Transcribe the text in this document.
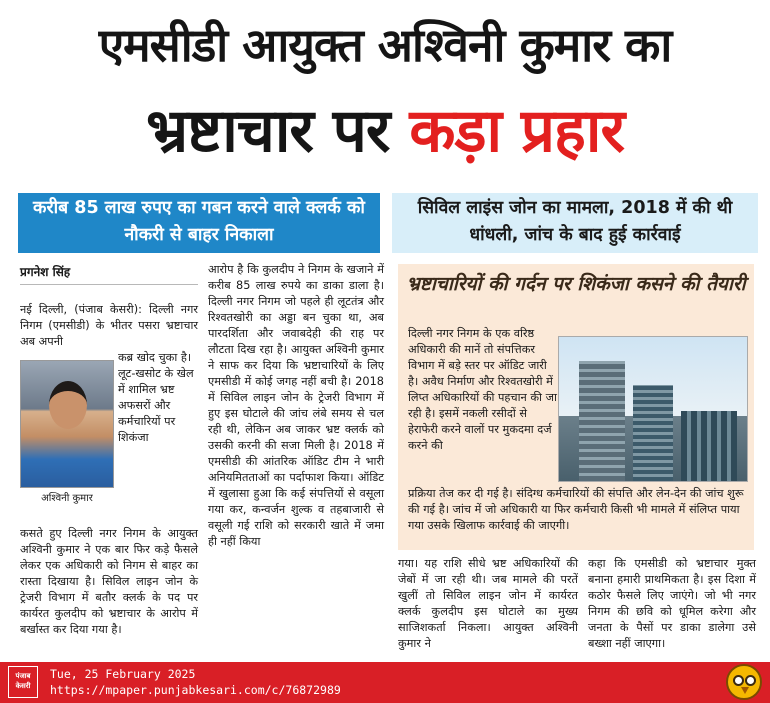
एमसीडी आयुक्त अश्विनी कुमार का
भ्रष्टाचार पर कड़ा प्रहार
करीब 85 लाख रुपए का गबन करने वाले क्लर्क को नौकरी से बाहर निकाला
सिविल लाइंस जोन का मामला, 2018 में की थी धांधली, जांच के बाद हुई कार्रवाई
प्रगनेश सिंह
नई दिल्ली, (पंजाब केसरी): दिल्ली नगर निगम (एमसीडी) के भीतर पसरा भ्रष्टाचार अब अपनी
अश्विनी कुमार
कब्र खोद चुका है। लूट-खसोट के खेल में शामिल भ्रष्ट अफसरों और कर्मचारियों पर शिकंजा
कसते हुए दिल्ली नगर निगम के आयुक्त अश्विनी कुमार ने एक बार फिर कड़े फैसले लेकर एक अधिकारी को निगम से बाहर का रास्ता दिखाया है। सिविल लाइन जोन के ट्रेजरी विभाग में बतौर क्लर्क के पद पर कार्यरत कुलदीप को भ्रष्टाचार के आरोप में बर्खास्त कर दिया गया है।
आरोप है कि कुलदीप ने निगम के खजाने में करीब 85 लाख रुपये का डाका डाला है। दिल्ली नगर निगम जो पहले ही लूटतंत्र और रिश्वतखोरी का अड्डा बन चुका था, अब पारदर्शिता और जवाबदेही की राह पर लौटता दिख रहा है। आयुक्त अश्विनी कुमार ने साफ कर दिया कि भ्रष्टाचारियों के लिए एमसीडी में कोई जगह नहीं बची है। 2018 में सिविल लाइन जोन के ट्रेजरी विभाग में हुए इस घोटाले की जांच लंबे समय से चल रही थी, लेकिन अब जाकर भ्रष्ट क्लर्क को उसकी करनी की सजा मिली है। 2018 में एमसीडी की आंतरिक ऑडिट टीम ने भारी अनियमितताओं का पर्दाफाश किया। ऑडिट में खुलासा हुआ कि कई संपत्तियों से वसूला गया कर, कन्वर्जन शुल्क व तहबाजारी से वसूली गई राशि को सरकारी खाते में जमा ही नहीं किया
भ्रष्टाचारियों की गर्दन पर शिकंजा कसने की तैयारी
दिल्ली नगर निगम के एक वरिष्ठ अधिकारी की मानें तो संपत्तिकर विभाग में बड़े स्तर पर ऑडिट जारी है। अवैध निर्माण और रिश्वतखोरी में लिप्त अधिकारियों की पहचान की जा रही है। इसमें नकली रसीदों से हेराफेरी करने वालों पर मुकदमा दर्ज करने की
प्रक्रिया तेज कर दी गई है। संदिग्ध कर्मचारियों की संपत्ति और लेन-देन की जांच शुरू की गई है। जांच में जो अधिकारी या फिर कर्मचारी किसी भी मामले में संलिप्त पाया गया उसके खिलाफ कार्रवाई की जाएगी।
गया। यह राशि सीधे भ्रष्ट अधिकारियों की जेबों में जा रही थी। जब मामले की परतें खुलीं तो सिविल लाइन जोन में कार्यरत क्लर्क कुलदीप इस घोटाले का मुख्य साजिशकर्ता निकला। आयुक्त अश्विनी कुमार ने
कहा कि एमसीडी को भ्रष्टाचार मुक्त बनाना हमारी प्राथमिकता है। इस दिशा में कठोर फैसले लिए जाएंगे। जो भी नगर निगम की छवि को धूमिल करेगा और जनता के पैसों पर डाका डालेगा उसे बख्शा नहीं जाएगा।
पंजाब केसरी
Tue, 25 February 2025
https://mpaper.punjabkesari.com/c/76872989
